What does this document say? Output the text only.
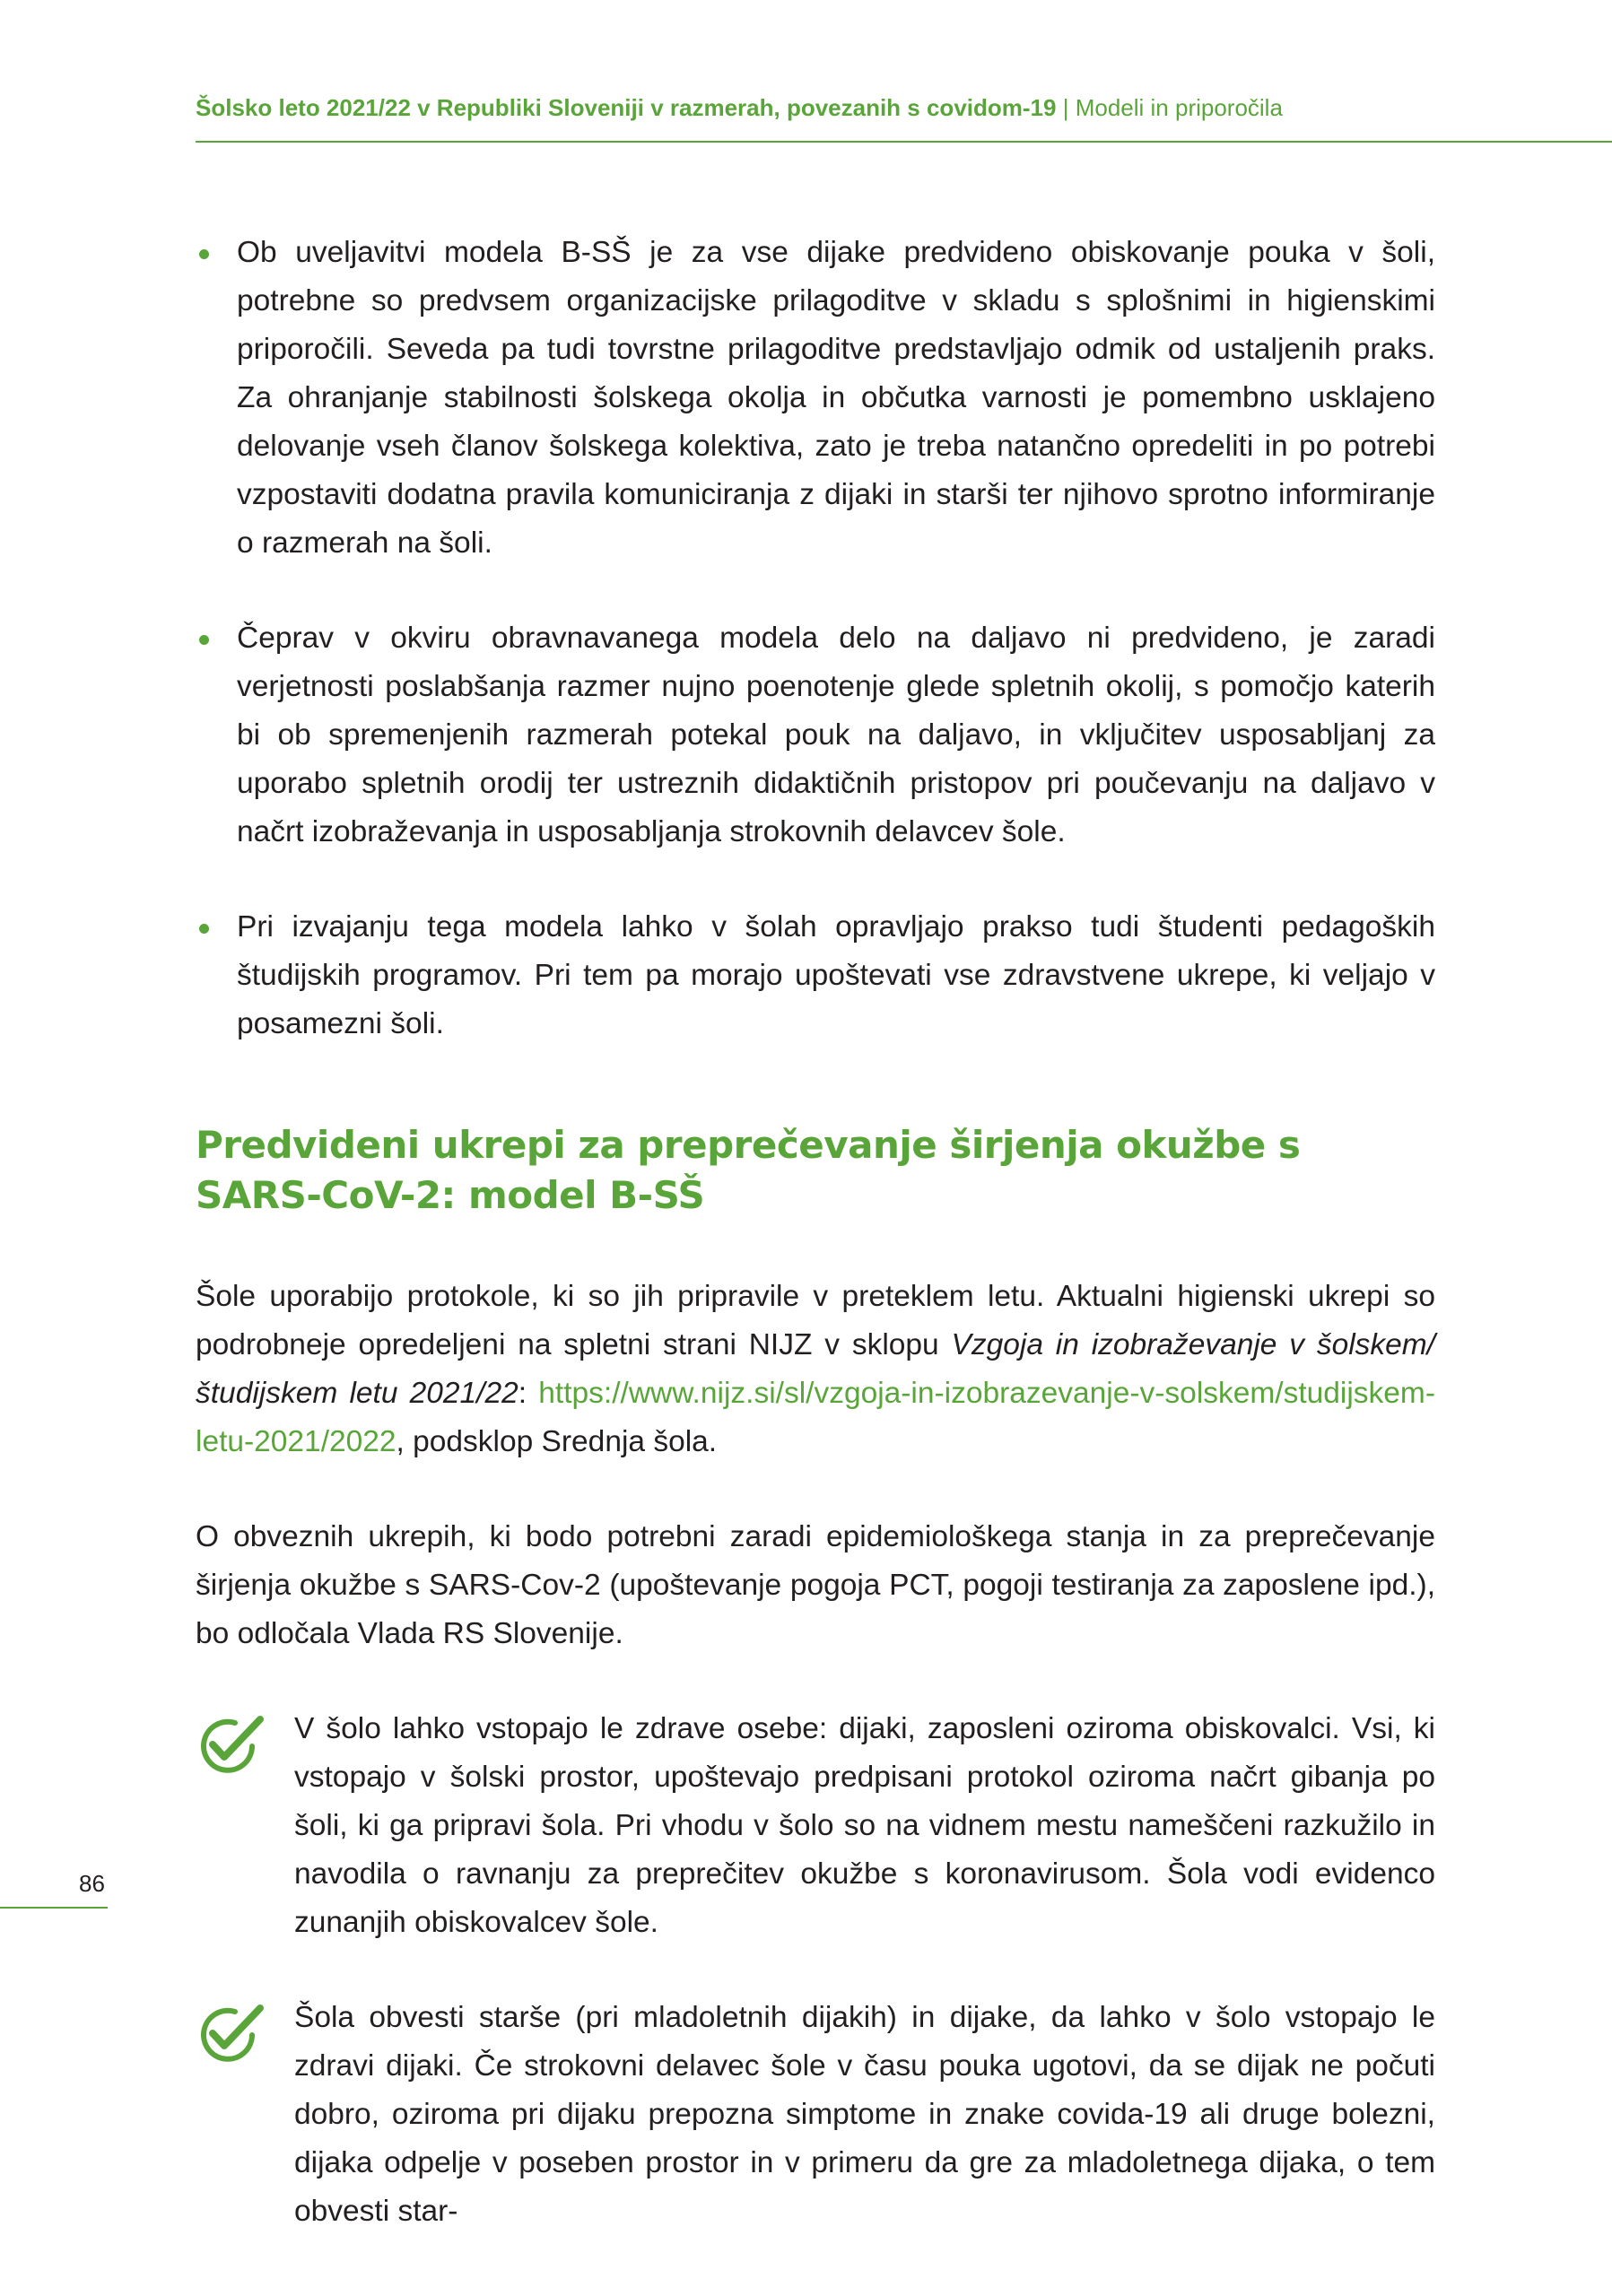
Šolsko leto 2021/22 v Republiki Sloveniji v razmerah, povezanih s covidom-19 | Modeli in priporočila
Ob uveljavitvi modela B-SŠ je za vse dijake predvideno obiskovanje pouka v šoli, potrebne so predvsem organizacijske prilagoditve v skladu s splošnimi in higienskimi priporočili. Seveda pa tudi tovrstne prilagoditve predstavljajo odmik od ustaljenih praks. Za ohranjanje stabilnosti šolskega okolja in občutka varnosti je pomembno usklajeno delovanje vseh članov šolskega kolektiva, zato je treba natančno opredeliti in po potrebi vzpostaviti dodatna pravila komuniciranja z dijaki in starši ter njihovo sprotno informiranje o razmerah na šoli.
Čeprav v okviru obravnavanega modela delo na daljavo ni predvideno, je zaradi verjetnosti poslabšanja razmer nujno poenotenje glede spletnih okolij, s pomočjo katerih bi ob spremenjenih razmerah potekal pouk na daljavo, in vključitev usposabljanj za uporabo spletnih orodij ter ustreznih didaktičnih pristopov pri poučevanju na daljavo v načrt izobraževanja in usposabljanja strokovnih delavcev šole.
Pri izvajanju tega modela lahko v šolah opravljajo prakso tudi študenti pedagoških študijskih programov. Pri tem pa morajo upoštevati vse zdravstvene ukrepe, ki veljajo v posamezni šoli.
Predvideni ukrepi za preprečevanje širjenja okužbe s SARS-CoV-2: model B-SŠ

Šole uporabijo protokole, ki so jih pripravile v preteklem letu. Aktualni higienski ukrepi so podrobneje opredeljeni na spletni strani NIJZ v sklopu Vzgoja in izobraževanje v šolskem/študijskem letu 2021/22: https://www.nijz.si/sl/vzgoja-in-izobrazevanje-v-solskem/studijskem-letu-2021/2022, podsklop Srednja šola.

O obveznih ukrepih, ki bodo potrebni zaradi epidemiološkega stanja in za preprečevanje širjenja okužbe s SARS-Cov-2 (upoštevanje pogoja PCT, pogoji testiranja za zaposlene ipd.), bo odločala Vlada RS Slovenije.

V šolo lahko vstopajo le zdrave osebe: dijaki, zaposleni oziroma obiskovalci. Vsi, ki vstopajo v šolski prostor, upoštevajo predpisani protokol oziroma načrt gibanja po šoli, ki ga pripravi šola. Pri vhodu v šolo so na vidnem mestu nameščeni razkužilo in navodila o ravnanju za preprečitev okužbe s koronavirusom. Šola vodi evidenco zunanjih obiskovalcev šole.
Šola obvesti starše (pri mladoletnih dijakih) in dijake, da lahko v šolo vstopajo le zdravi dijaki. Če strokovni delavec šole v času pouka ugotovi, da se dijak ne počuti dobro, oziroma pri dijaku prepozna simptome in znake covida-19 ali druge bolezni, dijaka odpelje v poseben prostor in v primeru da gre za mladoletnega dijaka, o tem obvesti star-
86
